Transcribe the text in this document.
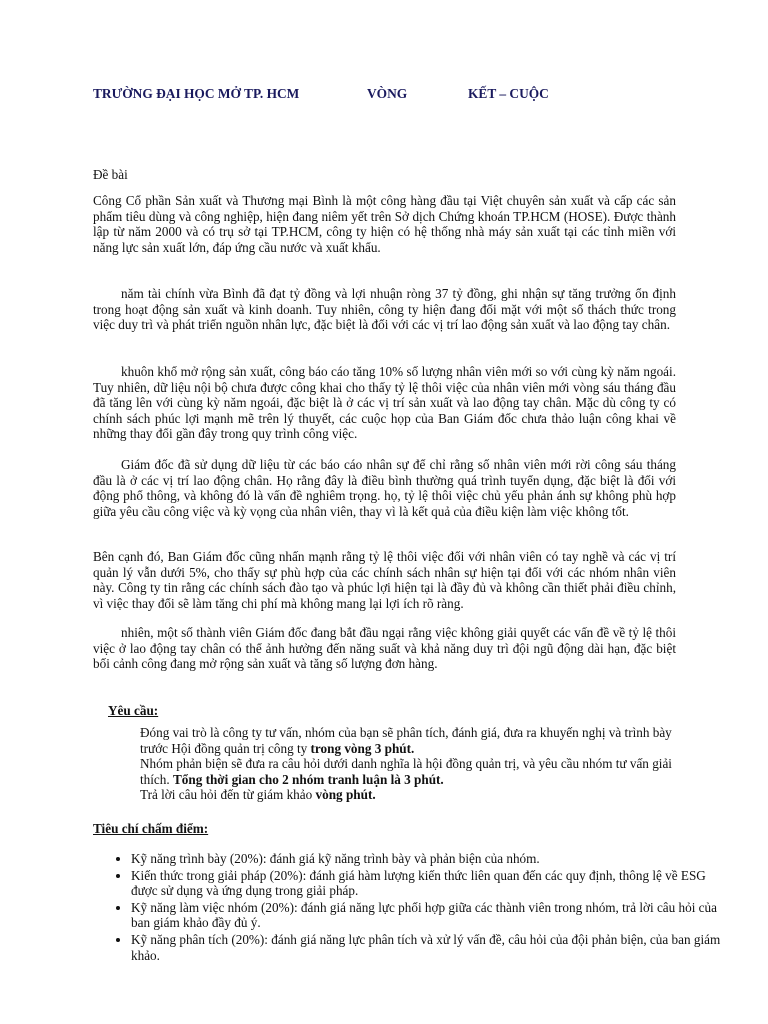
TRƯỜNG ĐẠI HỌC MỞ TP. HCM	VÒNG	KẾT – CUỘC

Đề bài

Công Cổ phần Sản xuất và Thương mại Bình là một công hàng đầu tại Việt chuyên sản xuất và cấp các sản phẩm tiêu dùng và công nghiệp, hiện đang niêm yết trên Sở dịch Chứng khoán TP.HCM (HOSE). Được thành lập từ năm 2000 và có trụ sở tại TP.HCM, công ty hiện có hệ thống nhà máy sản xuất tại các tỉnh miền với năng lực sản xuất lớn, đáp ứng cầu nước và xuất khẩu.

năm tài chính vừa Bình đã đạt tỷ đồng và lợi nhuận ròng 37 tỷ đồng, ghi nhận sự tăng trưởng ổn định trong hoạt động sản xuất và kinh doanh. Tuy nhiên, công ty hiện đang đối mặt với một số thách thức trong việc duy trì và phát triển nguồn nhân lực, đặc biệt là đối với các vị trí lao động sản xuất và lao động tay chân.

khuôn khổ mở rộng sản xuất, công báo cáo tăng 10% số lượng nhân viên mới so với cùng kỳ năm ngoái. Tuy nhiên, dữ liệu nội bộ chưa được công khai cho thấy tỷ lệ thôi việc của nhân viên mới vòng sáu tháng đầu đã tăng lên với cùng kỳ năm ngoái, đặc biệt là ở các vị trí sản xuất và lao động tay chân. Mặc dù công ty có chính sách phúc lợi mạnh mẽ trên lý thuyết, các cuộc họp của Ban Giám đốc chưa thảo luận công khai về những thay đổi gần đây trong quy trình công việc.

Giám đốc đã sử dụng dữ liệu từ các báo cáo nhân sự để chỉ rằng số nhân viên mới rời công sáu tháng đầu là ở các vị trí lao động chân. Họ rằng đây là điều bình thường quá trình tuyển dụng, đặc biệt là đối với động phổ thông, và không đó là vấn đề nghiêm trọng. họ, tỷ lệ thôi việc chủ yếu phản ánh sự không phù hợp giữa yêu cầu công việc và kỳ vọng của nhân viên, thay vì là kết quả của điều kiện làm việc không tốt.

Bên cạnh đó, Ban Giám đốc cũng nhấn mạnh rằng tỷ lệ thôi việc đối với nhân viên có tay nghề và các vị trí quản lý vẫn dưới 5%, cho thấy sự phù hợp của các chính sách nhân sự hiện tại đối với các nhóm nhân viên này. Công ty tin rằng các chính sách đào tạo và phúc lợi hiện tại là đầy đủ và không cần thiết phải điều chỉnh, vì việc thay đổi sẽ làm tăng chi phí mà không mang lại lợi ích rõ ràng.

nhiên, một số thành viên Giám đốc đang bắt đầu ngại rằng việc không giải quyết các vấn đề về tỷ lệ thôi việc ở lao động tay chân có thể ảnh hưởng đến năng suất và khả năng duy trì đội ngũ động dài hạn, đặc biệt bối cảnh công đang mở rộng sản xuất và tăng số lượng đơn hàng.

Yêu cầu:

Đóng vai trò là công ty tư vấn, nhóm của bạn sẽ phân tích, đánh giá, đưa ra khuyến nghị và trình bày trước Hội đồng quản trị công ty trong vòng 3 phút.

Nhóm phản biện sẽ đưa ra câu hỏi dưới danh nghĩa là hội đồng quản trị, và yêu cầu nhóm tư vấn giải thích. Tổng thời gian cho 2 nhóm tranh luận là 3 phút.

Trả lời câu hỏi đến từ giám khảo vòng phút.

Tiêu chí chấm điểm:

• Kỹ năng trình bày (20%): đánh giá kỹ năng trình bày và phản biện của nhóm.
• Kiến thức trong giải pháp (20%): đánh giá hàm lượng kiến thức liên quan đến các quy định, thông lệ về ESG được sử dụng và ứng dụng trong giải pháp.
• Kỹ năng làm việc nhóm (20%): đánh giá năng lực phối hợp giữa các thành viên trong nhóm, trả lời câu hỏi của ban giám khảo đầy đủ ý.
• Kỹ năng phân tích (20%): đánh giá năng lực phân tích và xử lý vấn đề, câu hỏi của đội phản biện, của ban giám khảo.
